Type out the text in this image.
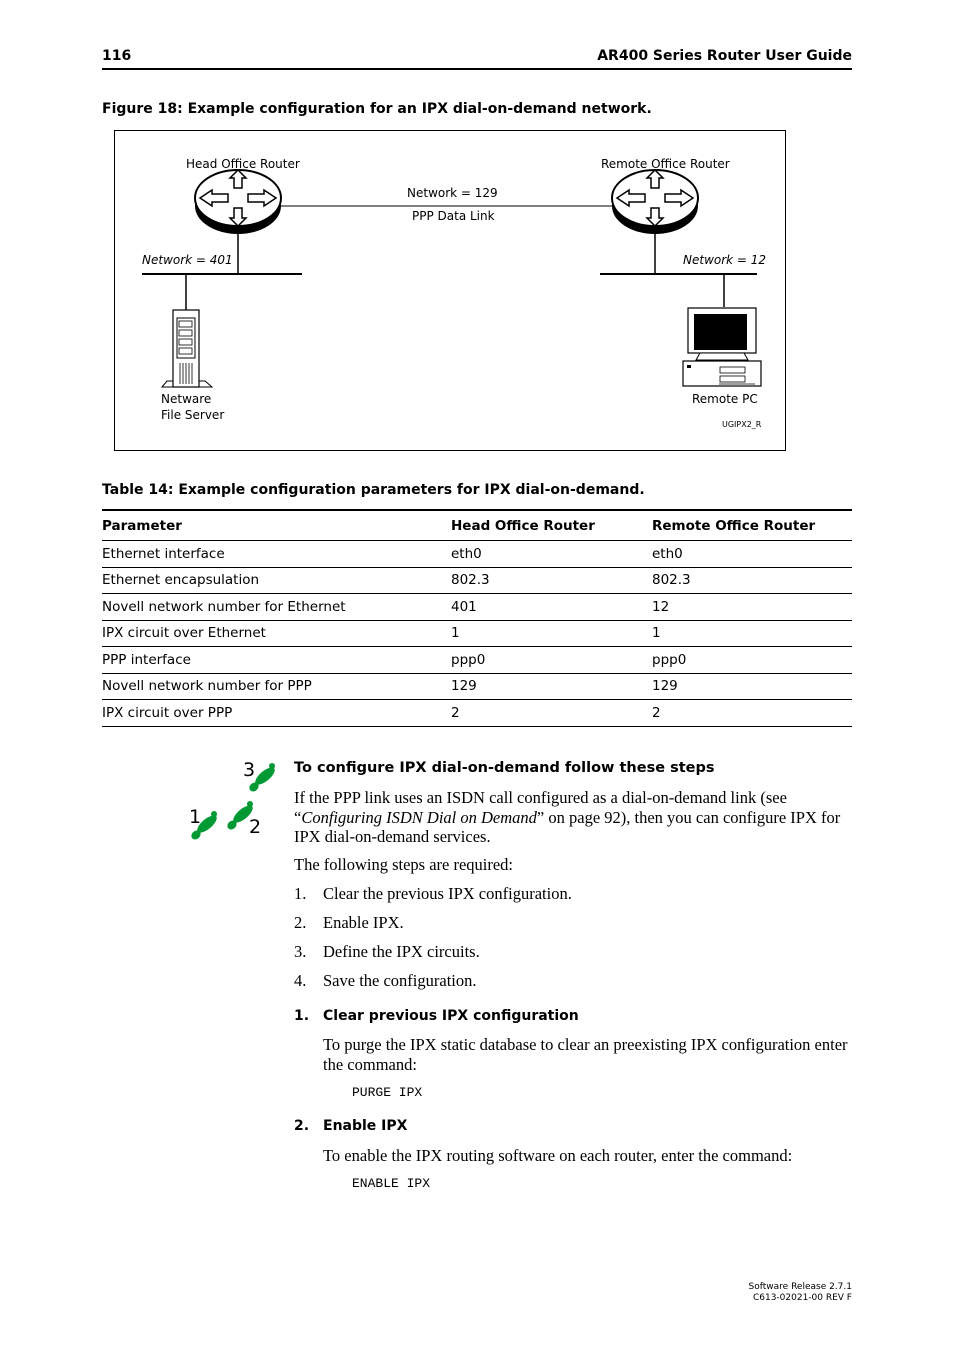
116	AR400 Series Router User Guide
Figure 18: Example configuration for an IPX dial-on-demand network.
Head Office Router	Remote Office Router
Network = 129
PPP Data Link
Network = 401	Network = 12
Netware
File Server
Remote PC
UGIPX2_R
Table 14: Example configuration parameters for IPX dial-on-demand.
Parameter	Head Office Router	Remote Office Router
Ethernet interface	eth0	eth0
Ethernet encapsulation	802.3	802.3
Novell network number for Ethernet	401	12
IPX circuit over Ethernet	1	1
PPP interface	ppp0	ppp0
Novell network number for PPP	129	129
IPX circuit over PPP	2	2
3
1	2
To configure IPX dial-on-demand follow these steps
If the PPP link uses an ISDN call configured as a dial-on-demand link (see “Configuring ISDN Dial on Demand” on page 92), then you can configure IPX for IPX dial-on-demand services.
The following steps are required:
1. Clear the previous IPX configuration.
2. Enable IPX.
3. Define the IPX circuits.
4. Save the configuration.
1. Clear previous IPX configuration
To purge the IPX static database to clear an preexisting IPX configuration enter the command:
PURGE IPX
2. Enable IPX
To enable the IPX routing software on each router, enter the command:
ENABLE IPX
Software Release 2.7.1
C613-02021-00 REV F
